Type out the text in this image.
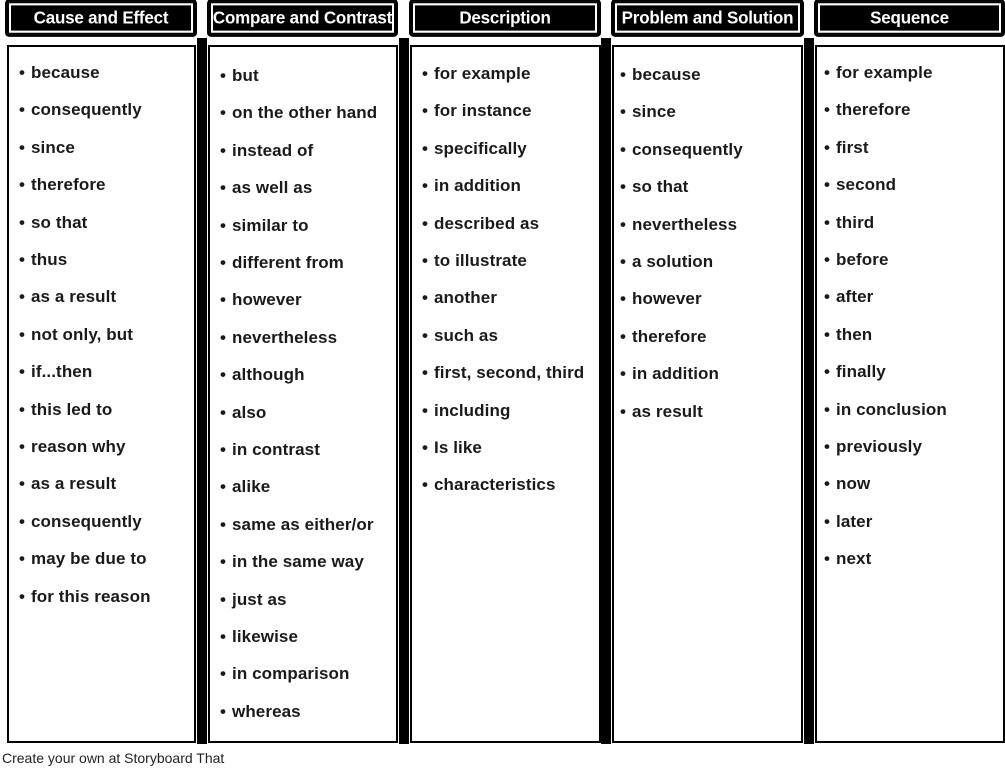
Cause and Effect
• because
• consequently
• since
• therefore
• so that
• thus
• as a result
• not only, but
• if...then
• this led to
• reason why
• as a result
• consequently
• may be due to
• for this reason
Compare and Contrast
• but
• on the other hand
• instead of
• as well as
• similar to
• different from
• however
• nevertheless
• although
• also
• in contrast
• alike
• same as either/or
• in the same way
• just as
• likewise
• in comparison
• whereas
Description
• for example
• for instance
• specifically
• in addition
• described as
• to illustrate
• another
• such as
• first, second, third
• including
• Is like
• characteristics
Problem and Solution
• because
• since
• consequently
• so that
• nevertheless
• a solution
• however
• therefore
• in addition
• as result
Sequence
• for example
• therefore
• first
• second
• third
• before
• after
• then
• finally
• in conclusion
• previously
• now
• later
• next
Create your own at Storyboard That
